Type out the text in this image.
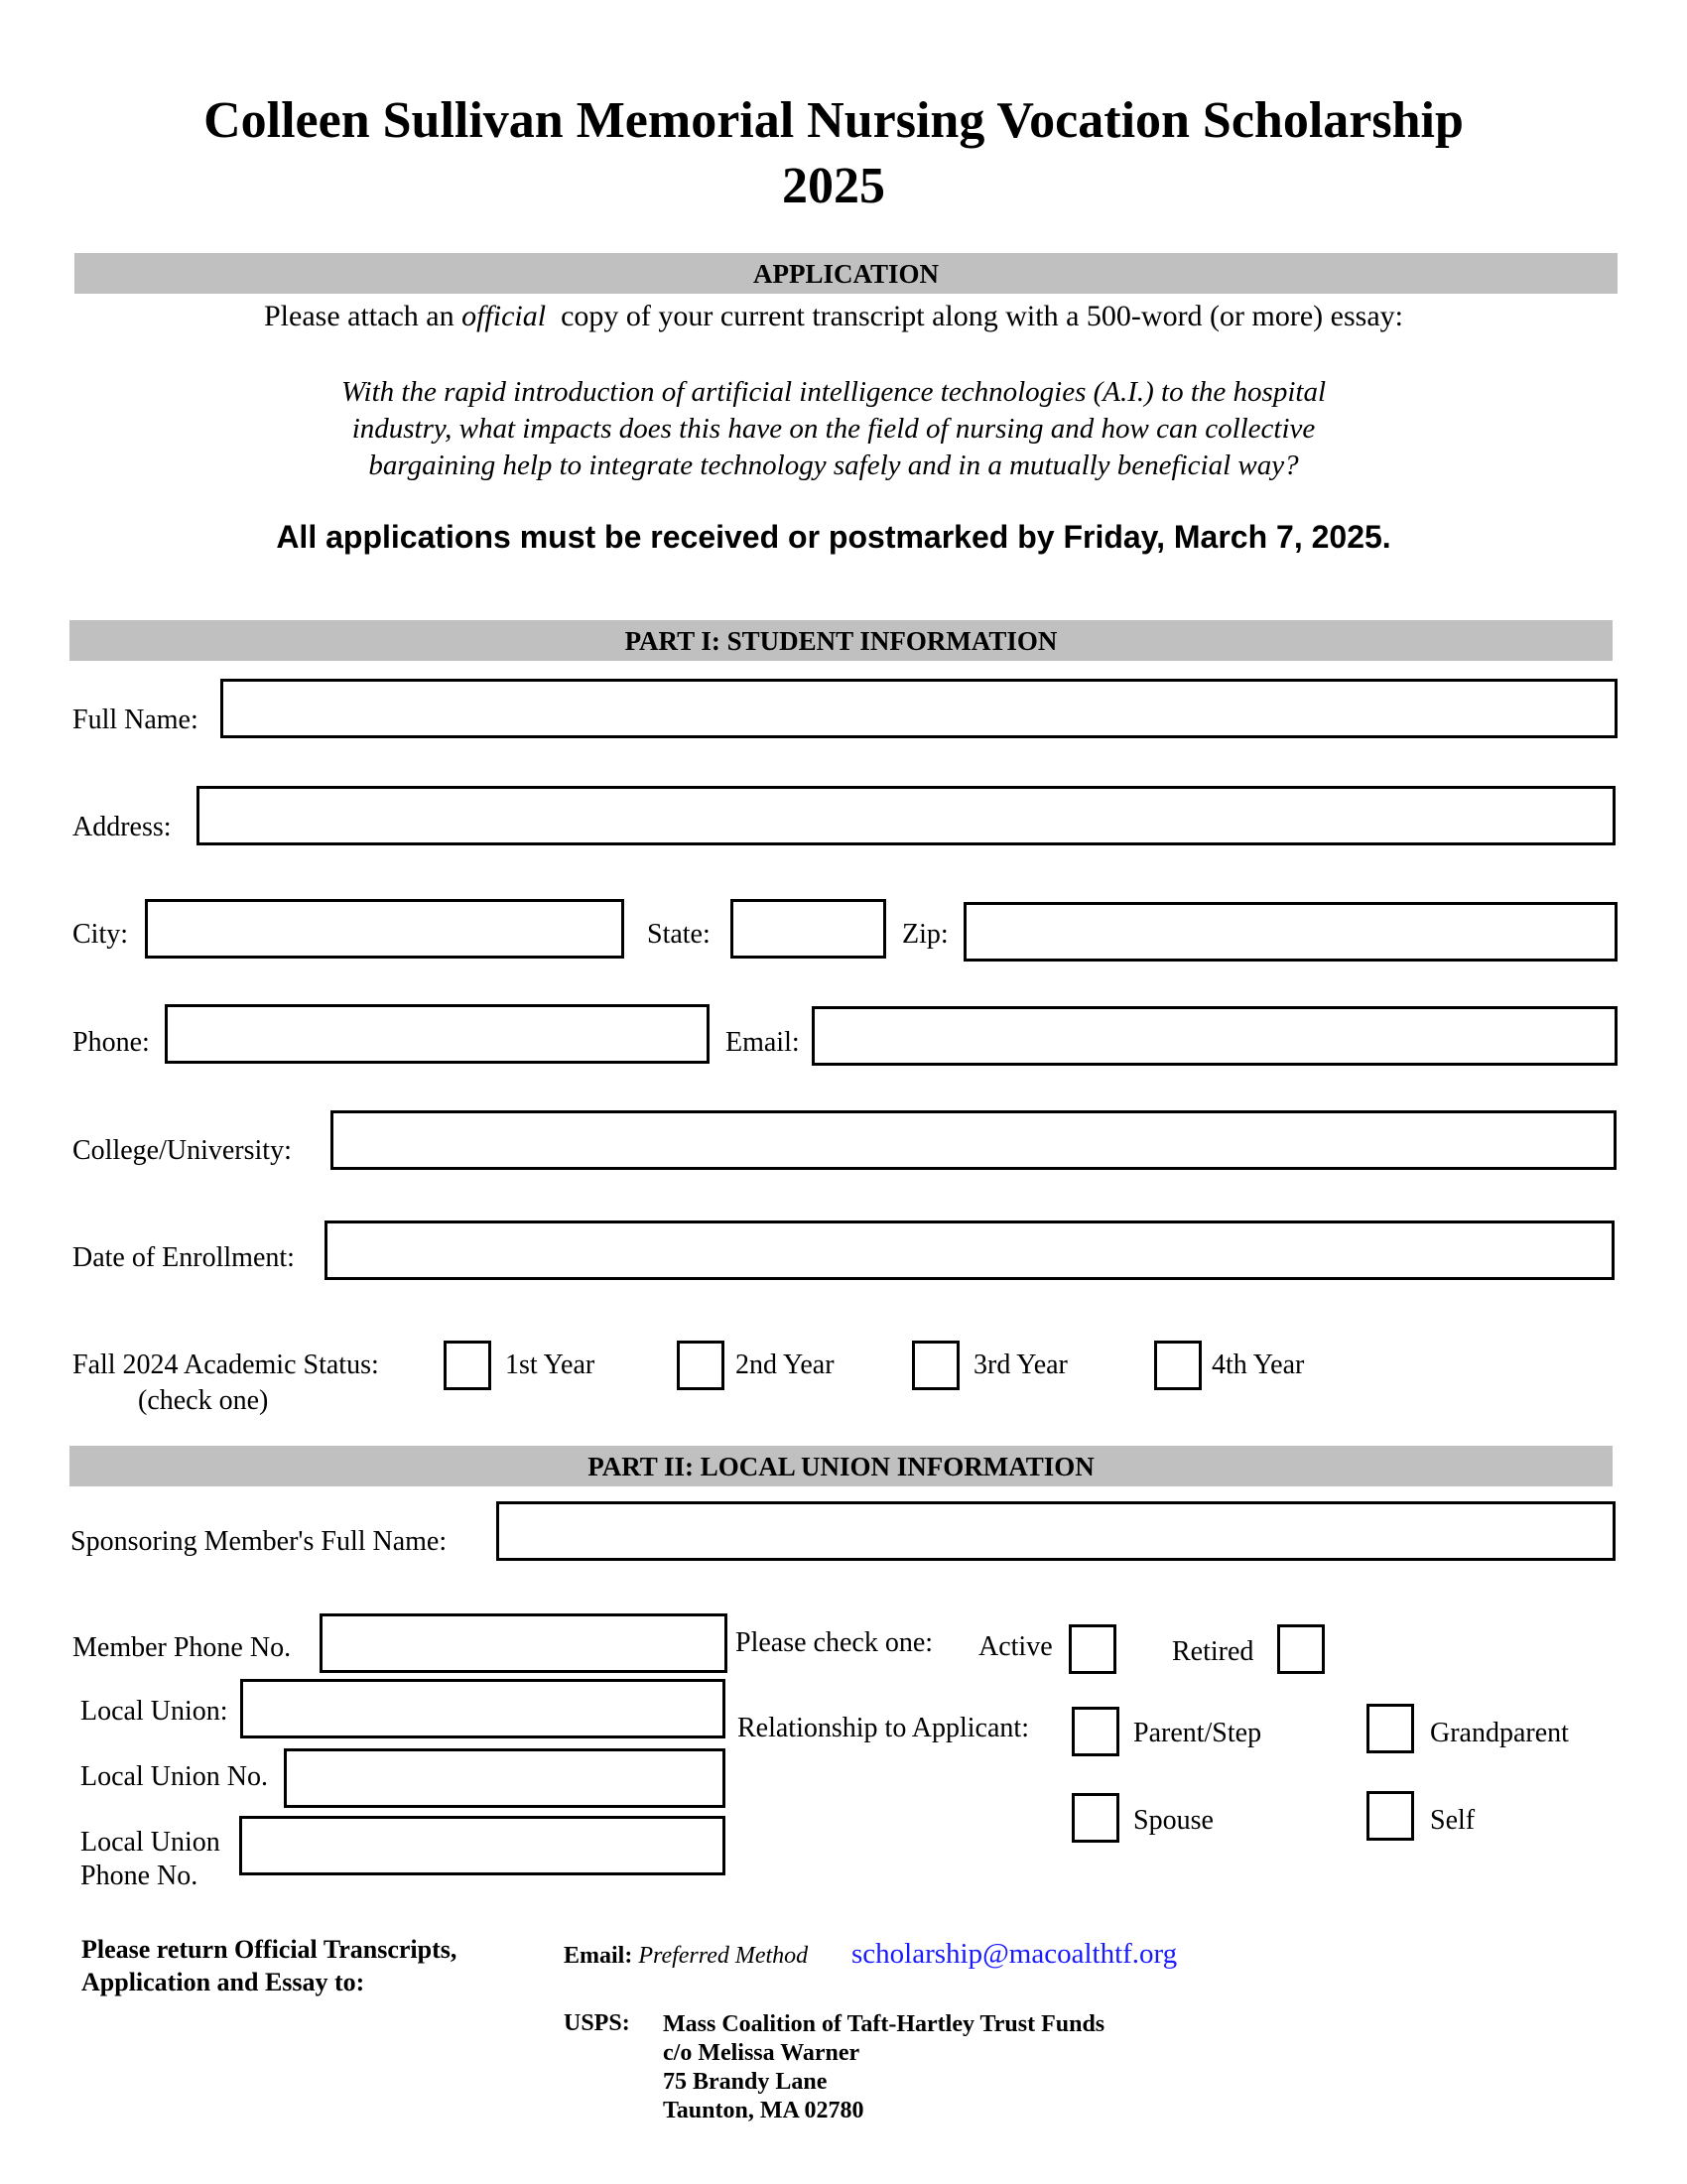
Colleen Sullivan Memorial Nursing Vocation Scholarship
2025
APPLICATION
Please attach an official copy of your current transcript along with a 500-word (or more) essay:
With the rapid introduction of artificial intelligence technologies (A.I.) to the hospital
industry, what impacts does this have on the field of nursing and how can collective
bargaining help to integrate technology safely and in a mutually beneficial way?
All applications must be received or postmarked by Friday, March 7, 2025.
PART I: STUDENT INFORMATION
Full Name:
Address:
City:	State:	Zip:
Phone:	Email:
College/University:
Date of Enrollment:
Fall 2024 Academic Status:
(check one)
1st Year	2nd Year	3rd Year	4th Year
PART II: LOCAL UNION INFORMATION
Sponsoring Member's Full Name:
Member Phone No.
Local Union:
Local Union No.
Local Union
Phone No.
Please check one: Active	Retired
Relationship to Applicant:	Parent/Step	Grandparent
Spouse	Self
Please return Official Transcripts,
Application and Essay to:
Email: Preferred Method scholarship@macoalthtf.org
USPS: Mass Coalition of Taft-Hartley Trust Funds
c/o Melissa Warner
75 Brandy Lane
Taunton, MA 02780
